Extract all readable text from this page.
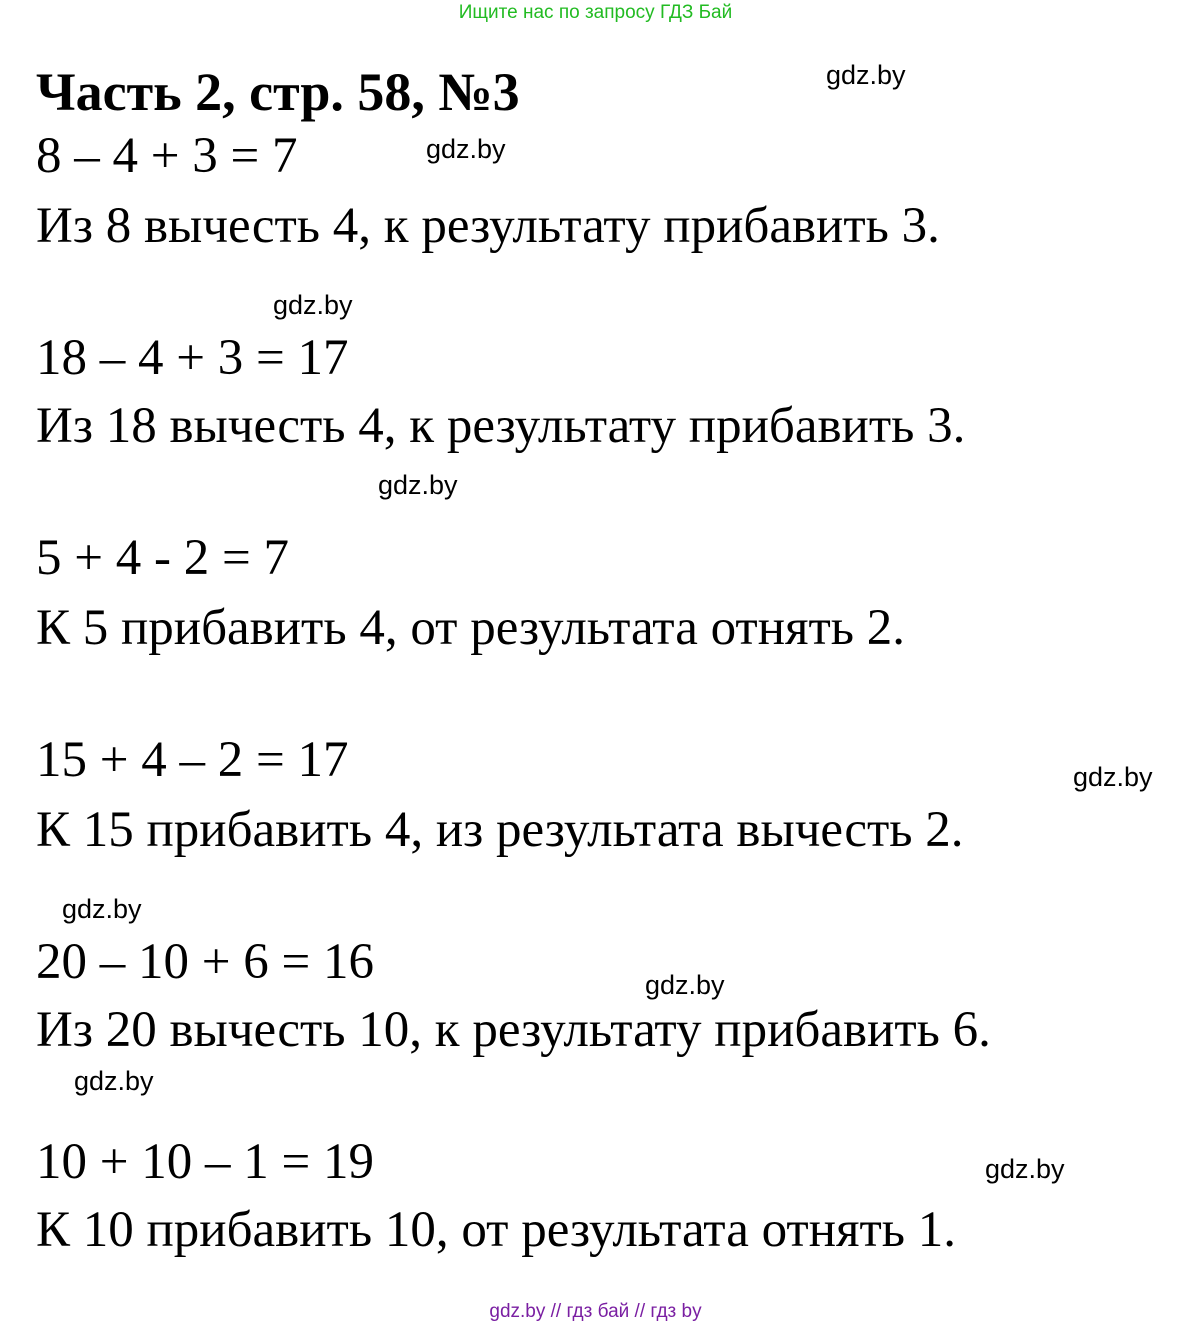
Ищите нас по запросу ГДЗ Бай
Часть 2, стр. 58, №3	gdz.by
8 – 4 + 3 = 7	gdz.by
Из 8 вычесть 4, к результату прибавить 3.
gdz.by
18 – 4 + 3 = 17
Из 18 вычесть 4, к результату прибавить 3.
gdz.by
5 + 4 - 2 = 7
К 5 прибавить 4, от результата отнять 2.
15 + 4 – 2 = 17	gdz.by
К 15 прибавить 4, из результата вычесть 2.
gdz.by
20 – 10 + 6 = 16	gdz.by
Из 20 вычесть 10, к результату прибавить 6.
gdz.by
10 + 10 – 1 = 19	gdz.by
К 10 прибавить 10, от результата отнять 1.
gdz.by // гдз бай // гдз by
